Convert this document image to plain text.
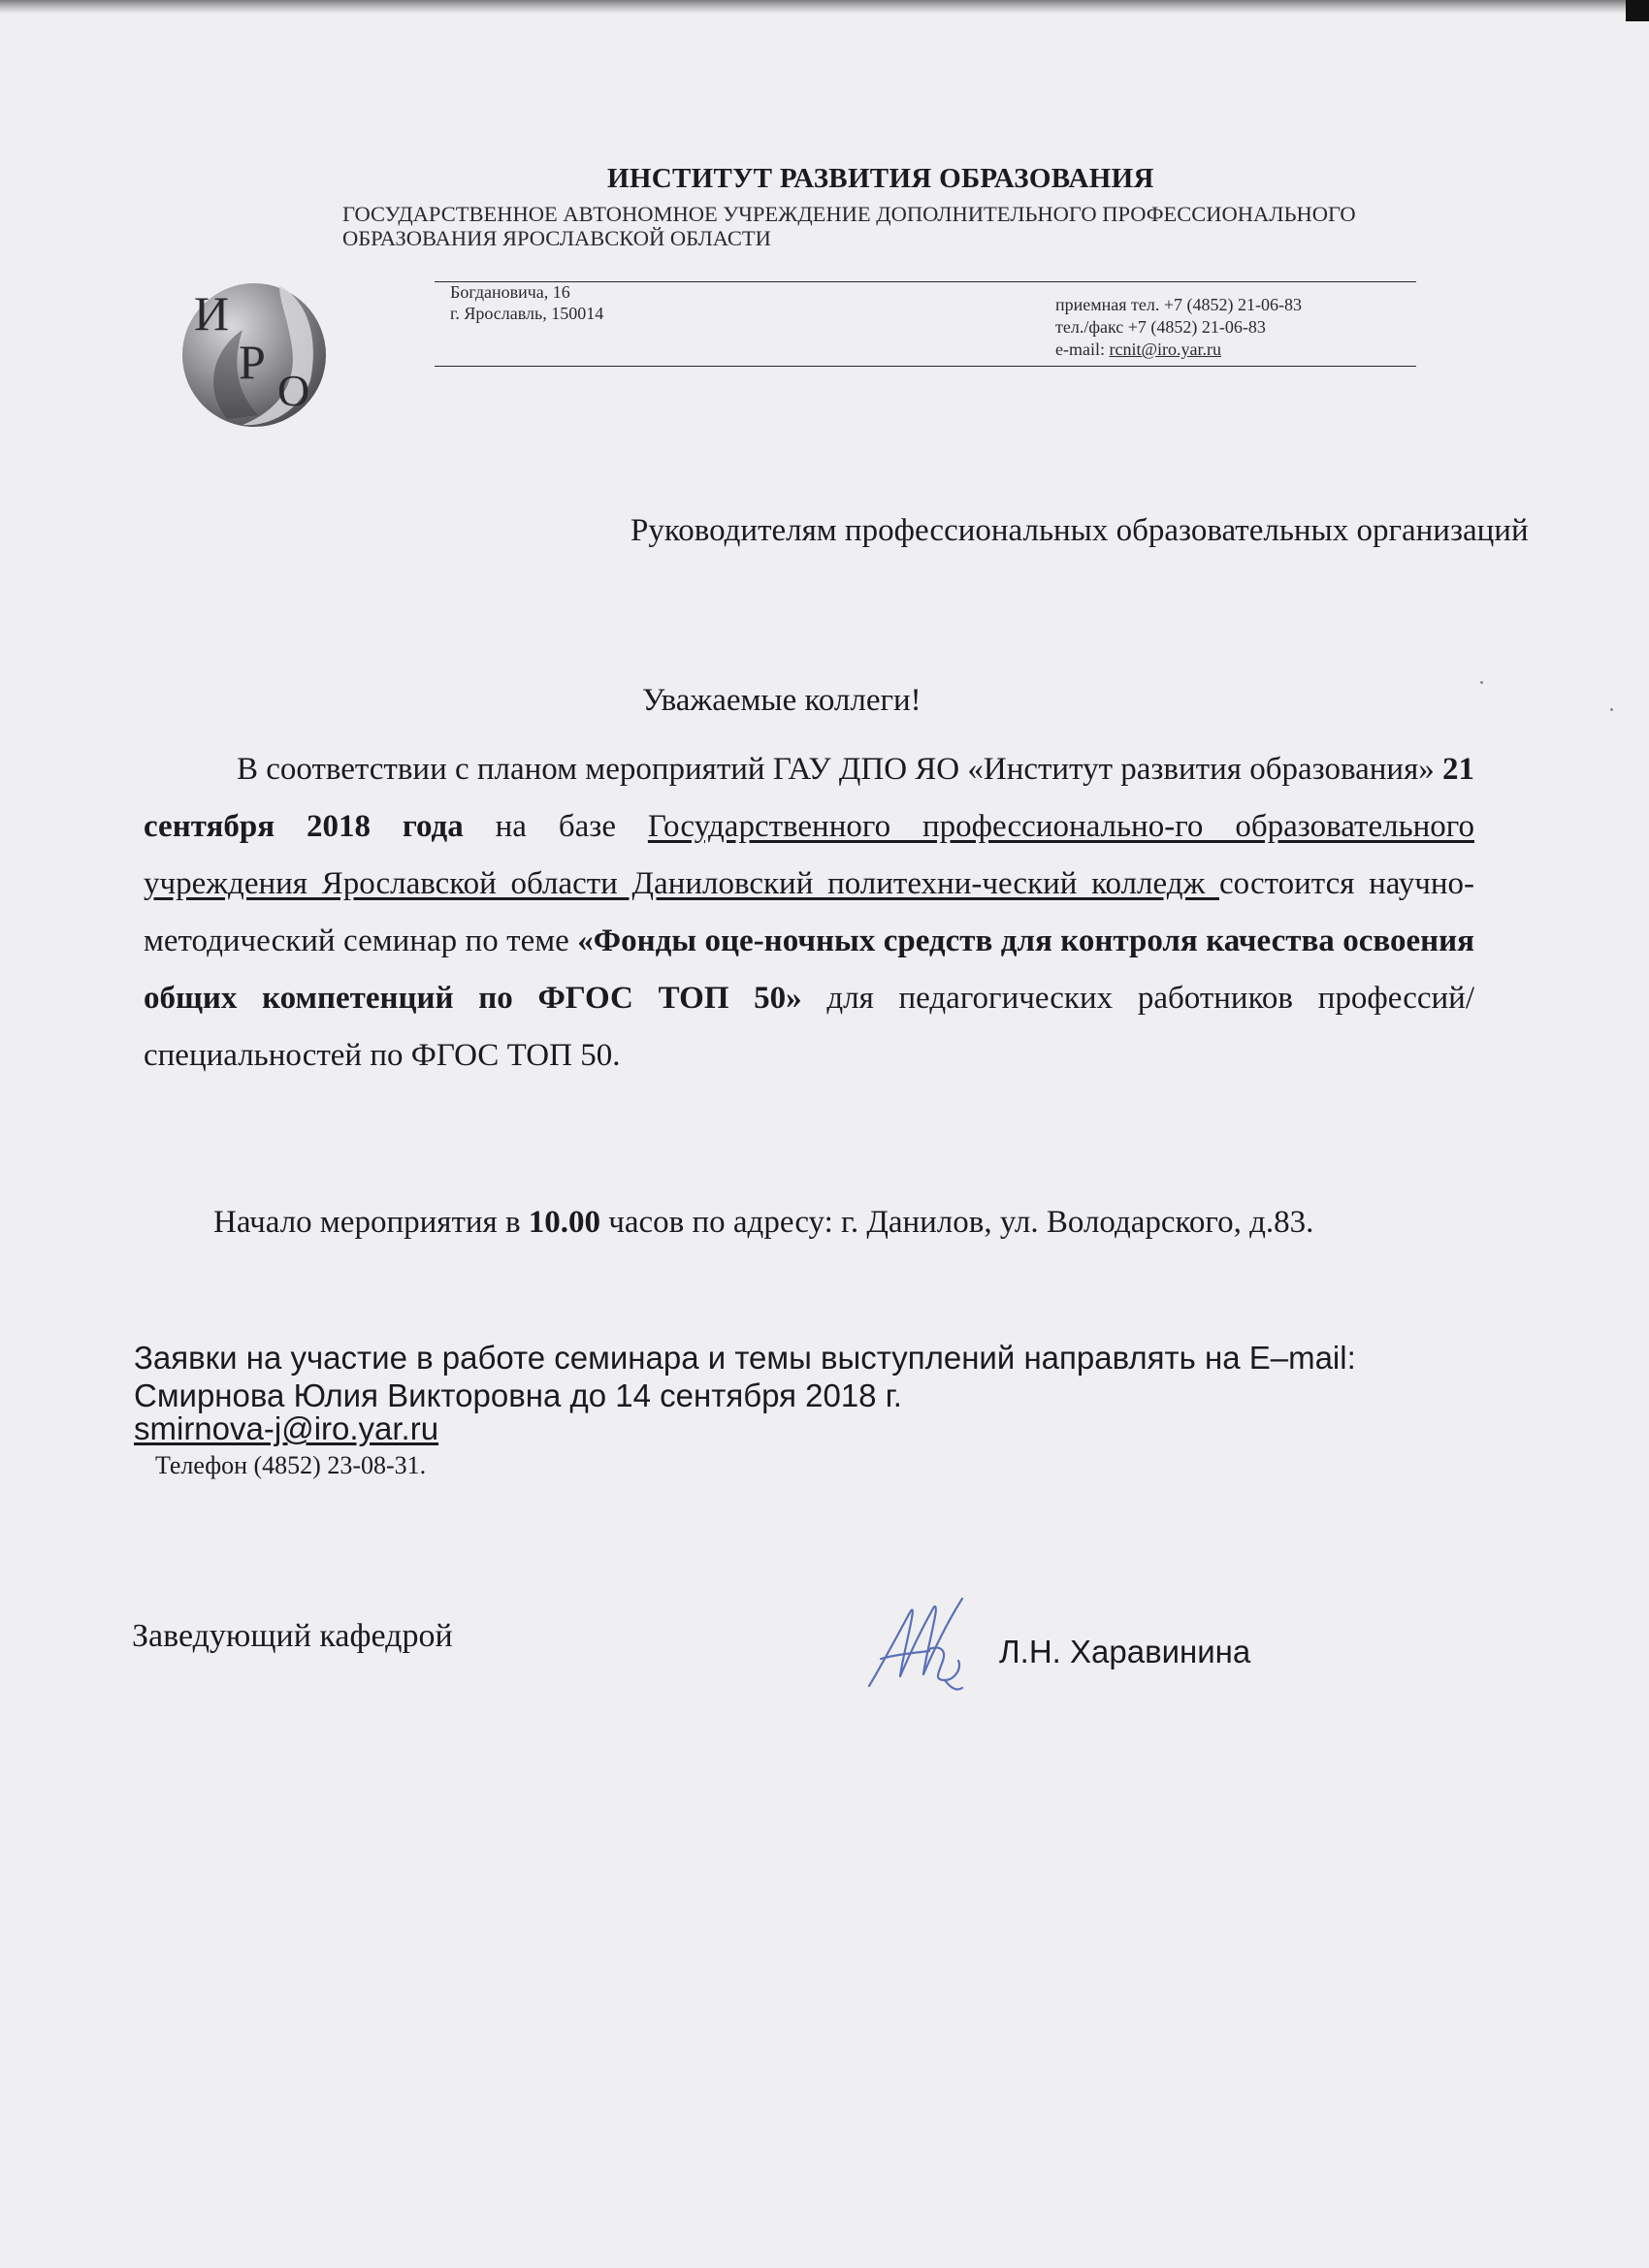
ИНСТИТУТ РАЗВИТИЯ ОБРАЗОВАНИЯ
ГОСУДАРСТВЕННОЕ АВТОНОМНОЕ УЧРЕЖДЕНИЕ ДОПОЛНИТЕЛЬНОГО ПРОФЕССИОНАЛЬНОГО
ОБРАЗОВАНИЯ ЯРОСЛАВСКОЙ ОБЛАСТИ
И
Р
О
Богдановича, 16
г. Ярославль, 150014	приемная тел. +7 (4852) 21-06-83
тел./факс +7 (4852) 21-06-83
e-mail: rcnit@iro.yar.ru
Руководителям профессиональных образовательных организаций
Уважаемые коллеги!
В соответствии с планом мероприятий ГАУ ДПО ЯО «Институт развития образования» 21 сентября 2018 года на базе Государственного профессионально-го образовательного учреждения Ярославской области Даниловский политехни-ческий колледж состоится научно-методический семинар по теме «Фонды оце-ночных средств для контроля качества освоения общих компетенций по ФГОС ТОП 50» для педагогических работников профессий/ специальностей по ФГОС ТОП 50.
Начало мероприятия в 10.00 часов по адресу: г. Данилов, ул. Володарского, д.83.
Заявки на участие в работе семинара и темы выступлений направлять на E–mail:
Смирнова Юлия Викторовна до 14 сентября 2018 г.
smirnova-j@iro.yar.ru
Телефон (4852) 23-08-31.
Заведующий кафедрой	Л.Н. Харавинина
